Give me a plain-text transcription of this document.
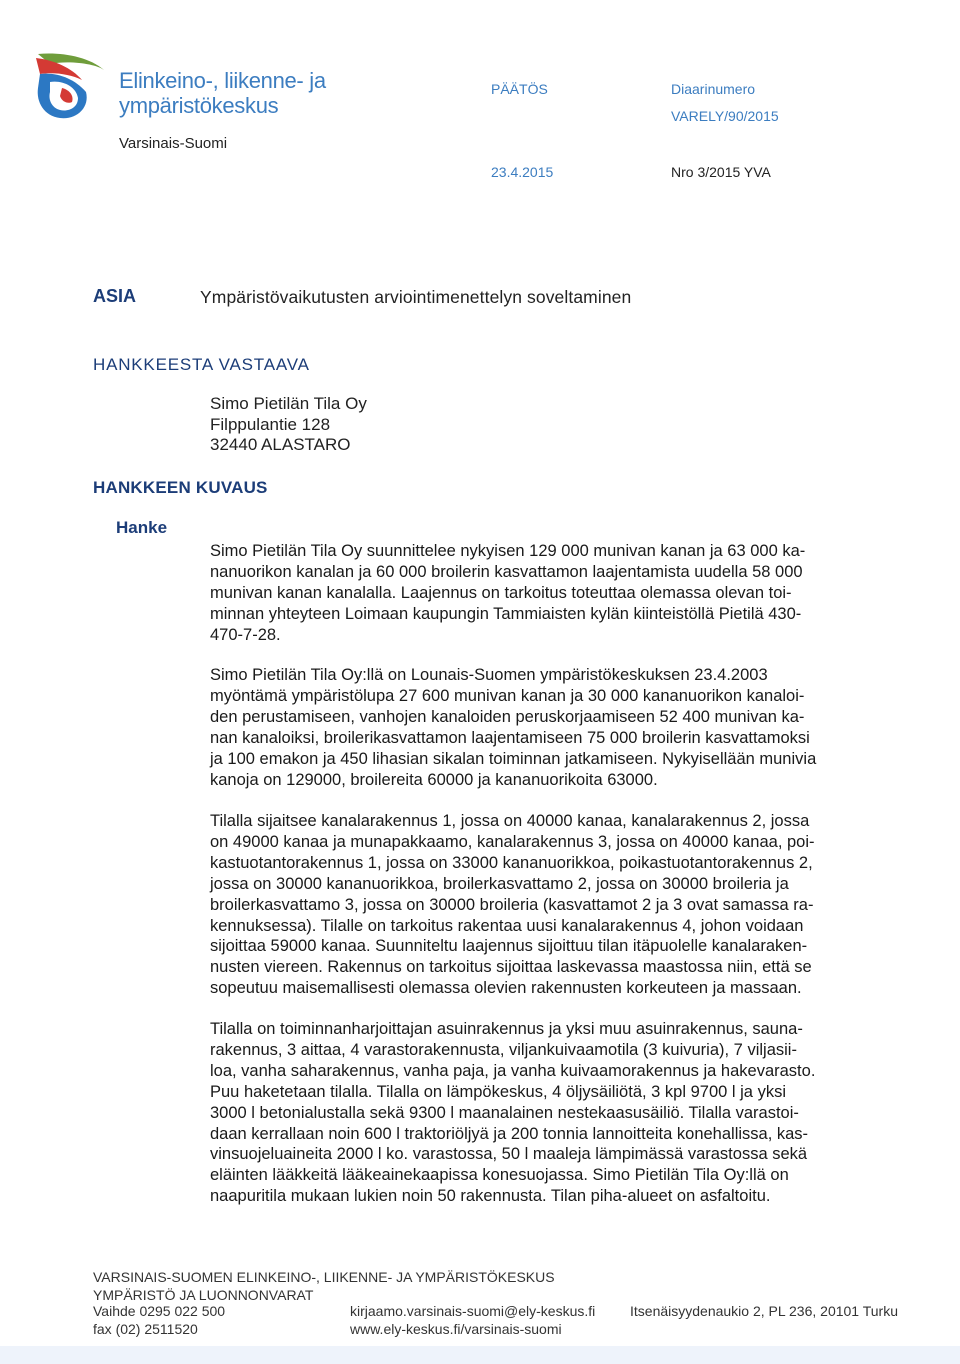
Elinkeino-, liikenne- ja
ympäristökeskus
Varsinais-Suomi
PÄÄTÖS
23.4.2015
Diaarinumero
VARELY/90/2015
Nro 3/2015 YVA
ASIA	Ympäristövaikutusten arviointimenettelyn soveltaminen
HANKKEESTA VASTAAVA
Simo Pietilän Tila Oy
Filppulantie 128
32440 ALASTARO
HANKKEEN KUVAUS
Hanke
Simo Pietilän Tila Oy suunnittelee nykyisen 129 000 munivan kanan ja 63 000 ka-
nanuorikon kanalan ja 60 000 broilerin kasvattamon laajentamista uudella 58 000
munivan kanan kanalalla. Laajennus on tarkoitus toteuttaa olemassa olevan toi-
minnan yhteyteen Loimaan kaupungin Tammiaisten kylän kiinteistöllä Pietilä 430-
470-7-28.
Simo Pietilän Tila Oy:llä on Lounais-Suomen ympäristökeskuksen 23.4.2003
myöntämä ympäristölupa 27 600 munivan kanan ja 30 000 kananuorikon kanaloi-
den perustamiseen, vanhojen kanaloiden peruskorjaamiseen 52 400 munivan ka-
nan kanaloiksi, broilerikasvattamon laajentamiseen 75 000 broilerin kasvattamoksi
ja 100 emakon ja 450 lihasian sikalan toiminnan jatkamiseen. Nykyisellään munivia
kanoja on 129000, broilereita 60000 ja kananuorikoita 63000.
Tilalla sijaitsee kanalarakennus 1, jossa on 40000 kanaa, kanalarakennus 2, jossa
on 49000 kanaa ja munapakkaamo, kanalarakennus 3, jossa on 40000 kanaa, poi-
kastuotantorakennus 1, jossa on 33000 kananuorikkoa, poikastuotantorakennus 2,
jossa on 30000 kananuorikkoa, broilerkasvattamo 2, jossa on 30000 broileria ja
broilerkasvattamo 3, jossa on 30000 broileria (kasvattamot 2 ja 3 ovat samassa ra-
kennuksessa). Tilalle on tarkoitus rakentaa uusi kanalarakennus 4, johon voidaan
sijoittaa 59000 kanaa. Suunniteltu laajennus sijoittuu tilan itäpuolelle kanalaraken-
nusten viereen. Rakennus on tarkoitus sijoittaa laskevassa maastossa niin, että se
sopeutuu maisemallisesti olemassa olevien rakennusten korkeuteen ja massaan.
Tilalla on toiminnanharjoittajan asuinrakennus ja yksi muu asuinrakennus, sauna-
rakennus, 3 aittaa, 4 varastorakennusta, viljankuivaamotila (3 kuivuria), 7 viljasii-
loa, vanha saharakennus, vanha paja, ja vanha kuivaamorakennus ja hakevarasto.
Puu haketetaan tilalla. Tilalla on lämpökeskus, 4 öljysäiliötä, 3 kpl 9700 l ja yksi
3000 l betonialustalla sekä 9300 l maanalainen nestekaasusäiliö. Tilalla varastoi-
daan kerrallaan noin 600 l traktoriöljyä ja 200 tonnia lannoitteita konehallissa, kas-
vinsuojeluaineita 2000 l ko. varastossa, 50 l maaleja lämpimässä varastossa sekä
eläinten lääkkeitä lääkeainekaapissa konesuojassa. Simo Pietilän Tila Oy:llä on
naapuritila mukaan lukien noin 50 rakennusta. Tilan piha-alueet on asfaltoitu.
VARSINAIS-SUOMEN ELINKEINO-, LIIKENNE- JA YMPÄRISTÖKESKUS
YMPÄRISTÖ JA LUONNONVARAT
Vaihde 0295 022 500
fax (02) 2511520
kirjaamo.varsinais-suomi@ely-keskus.fi
www.ely-keskus.fi/varsinais-suomi
Itsenäisyydenaukio 2, PL 236, 20101 Turku
